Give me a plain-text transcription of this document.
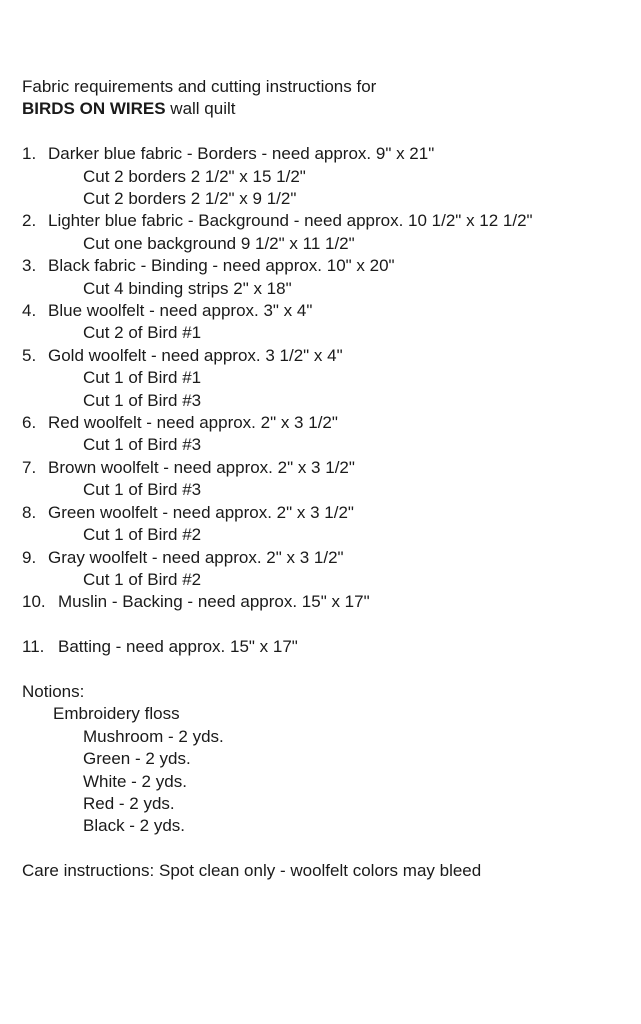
Fabric requirements and cutting instructions for
BIRDS ON WIRES wall quilt
1. Darker blue fabric - Borders - need approx. 9" x 21"
Cut 2 borders 2 1/2" x 15 1/2"
Cut 2 borders 2 1/2" x 9 1/2"
2. Lighter blue fabric - Background - need approx. 10 1/2" x 12 1/2"
Cut one background 9 1/2" x 11 1/2"
3. Black fabric - Binding - need approx. 10" x 20"
Cut 4 binding strips 2" x 18"
4. Blue woolfelt - need approx. 3" x 4"
Cut 2 of Bird #1
5. Gold woolfelt - need approx. 3 1/2" x 4"
Cut 1 of Bird #1
Cut 1 of Bird #3
6. Red woolfelt - need approx. 2" x 3 1/2"
Cut 1 of Bird #3
7. Brown woolfelt - need approx. 2" x 3 1/2"
Cut 1 of Bird #3
8. Green woolfelt - need approx. 2" x 3 1/2"
Cut 1 of Bird #2
9. Gray woolfelt - need approx. 2" x 3 1/2"
Cut 1 of Bird #2
10. Muslin - Backing - need approx. 15" x 17"
11. Batting - need approx. 15" x 17"
Notions:
Embroidery floss
Mushroom - 2 yds.
Green - 2 yds.
White - 2 yds.
Red - 2 yds.
Black - 2 yds.
Care instructions: Spot clean only - woolfelt colors may bleed
